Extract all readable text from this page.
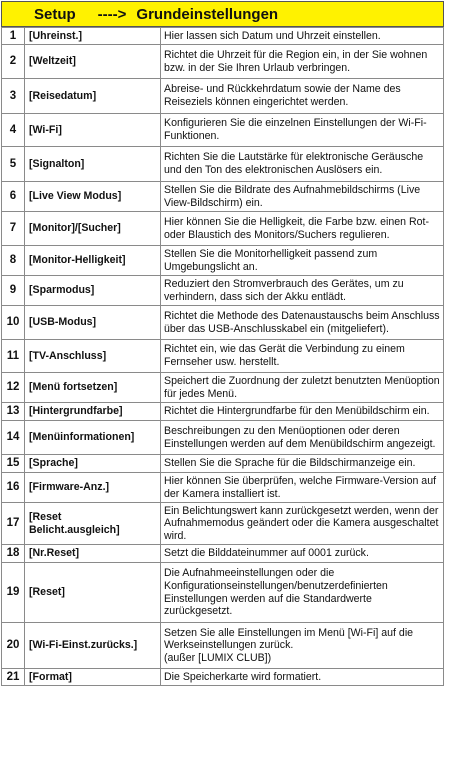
Setup ----> Grundeinstellungen
1	[Uhreinst.]	Hier lassen sich Datum und Uhrzeit einstellen.
2	[Weltzeit]	Richtet die Uhrzeit für die Region ein, in der Sie wohnen bzw. in der Sie Ihren Urlaub verbringen.
3	[Reisedatum]	Abreise- und Rückkehrdatum sowie der Name des Reiseziels können eingerichtet werden.
4	[Wi-Fi]	Konfigurieren Sie die einzelnen Einstellungen der Wi-Fi-Funktionen.
5	[Signalton]	Richten Sie die Lautstärke für elektronische Geräusche und den Ton des elektronischen Auslösers ein.
6	[Live View Modus]	Stellen Sie die Bildrate des Aufnahmebildschirms (Live View-Bildschirm) ein.
7	[Monitor]/[Sucher]	Hier können Sie die Helligkeit, die Farbe bzw. einen Rot- oder Blaustich des Monitors/Suchers regulieren.
8	[Monitor-Helligkeit]	Stellen Sie die Monitorhelligkeit passend zum Umgebungslicht an.
9	[Sparmodus]	Reduziert den Stromverbrauch des Gerätes, um zu verhindern, dass sich der Akku entlädt.
10	[USB-Modus]	Richtet die Methode des Datenaustauschs beim Anschluss über das USB-Anschlusskabel ein (mitgeliefert).
11	[TV-Anschluss]	Richtet ein, wie das Gerät die Verbindung zu einem Fernseher usw. herstellt.
12	[Menü fortsetzen]	Speichert die Zuordnung der zuletzt benutzten Menüoption für jedes Menü.
13	[Hintergrundfarbe]	Richtet die Hintergrundfarbe für den Menübildschirm ein.
14	[Menüinformationen]	Beschreibungen zu den Menüoptionen oder deren Einstellungen werden auf dem Menübildschirm angezeigt.
15	[Sprache]	Stellen Sie die Sprache für die Bildschirmanzeige ein.
16	[Firmware-Anz.]	Hier können Sie überprüfen, welche Firmware-Version auf der Kamera installiert ist.
17	[Reset
Belicht.ausgleich]	Ein Belichtungswert kann zurückgesetzt werden, wenn der Aufnahmemodus geändert oder die Kamera ausgeschaltet wird.
18	[Nr.Reset]	Setzt die Bilddateinummer auf 0001 zurück.
19	[Reset]	Die Aufnahmeeinstellungen oder die Konfigurationseinstellungen/benutzerdefinierten Einstellungen werden auf die Standardwerte zurückgesetzt.
20	[Wi-Fi-Einst.zurücks.]	Setzen Sie alle Einstellungen im Menü [Wi-Fi] auf die Werkseinstellungen zurück.
(außer [LUMIX CLUB])

21	[Format]	Die Speicherkarte wird formatiert.
